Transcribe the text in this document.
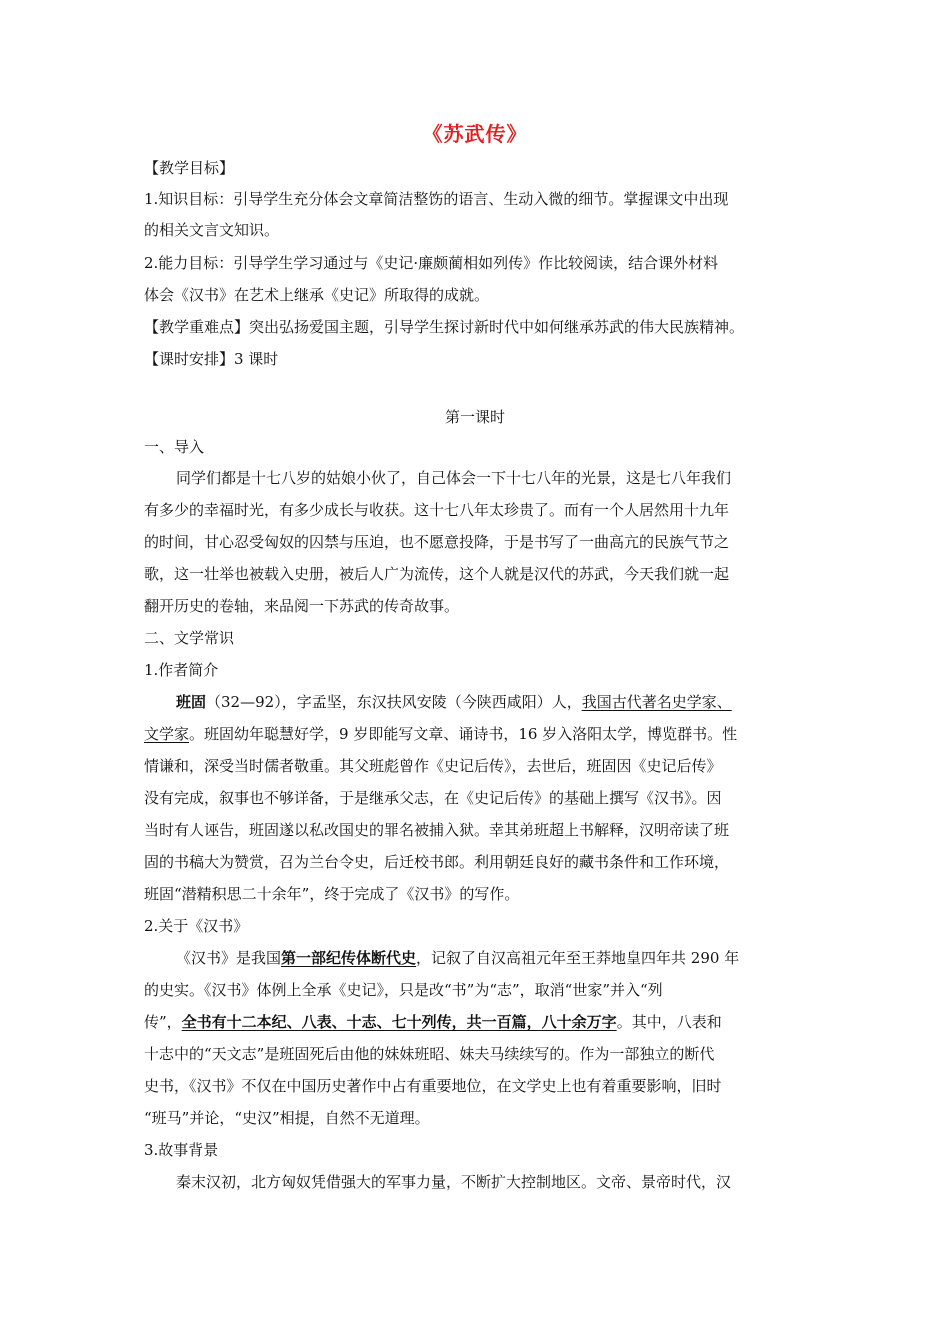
《苏武传》
【教学目标】
1.知识目标：引导学生充分体会文章简洁整饬的语言、生动入微的细节。掌握课文中出现
的相关文言文知识。
2.能力目标：引导学生学习通过与《史记·廉颇蔺相如列传》作比较阅读，结合课外材料
体会《汉书》在艺术上继承《史记》所取得的成就。
【教学重难点】突出弘扬爱国主题，引导学生探讨新时代中如何继承苏武的伟大民族精神。
【课时安排】3 课时
第一课时
一、导入
同学们都是十七八岁的姑娘小伙了，自己体会一下十七八年的光景，这是七八年我们
有多少的幸福时光，有多少成长与收获。这十七八年太珍贵了。而有一个人居然用十九年
的时间，甘心忍受匈奴的囚禁与压迫，也不愿意投降，于是书写了一曲高亢的民族气节之
歌，这一壮举也被载入史册，被后人广为流传，这个人就是汉代的苏武，今天我们就一起
翻开历史的卷轴，来品阅一下苏武的传奇故事。
二、文学常识
1.作者简介
班固（32—92），字孟坚，东汉扶风安陵（今陕西咸阳）人，我国古代著名史学家、
文学家。班固幼年聪慧好学，9 岁即能写文章、诵诗书，16 岁入洛阳太学，博览群书。性
情谦和，深受当时儒者敬重。其父班彪曾作《史记后传》，去世后，班固因《史记后传》
没有完成，叙事也不够详备，于是继承父志，在《史记后传》的基础上撰写《汉书》。因
当时有人诬告，班固遂以私改国史的罪名被捕入狱。幸其弟班超上书解释，汉明帝读了班
固的书稿大为赞赏，召为兰台令史，后迁校书郎。利用朝廷良好的藏书条件和工作环境，
班固“潜精积思二十余年”，终于完成了《汉书》的写作。
2.关于《汉书》
《汉书》是我国第一部纪传体断代史，记叙了自汉高祖元年至王莽地皇四年共 290 年
的史实。《汉书》体例上全承《史记》，只是改“书”为“志”，取消“世家”并入“列
传”，全书有十二本纪、八表、十志、七十列传，共一百篇，八十余万字。其中，八表和
十志中的“天文志”是班固死后由他的妹妹班昭、妹夫马续续写的。作为一部独立的断代
史书，《汉书》不仅在中国历史著作中占有重要地位，在文学史上也有着重要影响，旧时
“班马”并论，“史汉”相提，自然不无道理。
3.故事背景
秦末汉初，北方匈奴凭借强大的军事力量，不断扩大控制地区。文帝、景帝时代，汉
